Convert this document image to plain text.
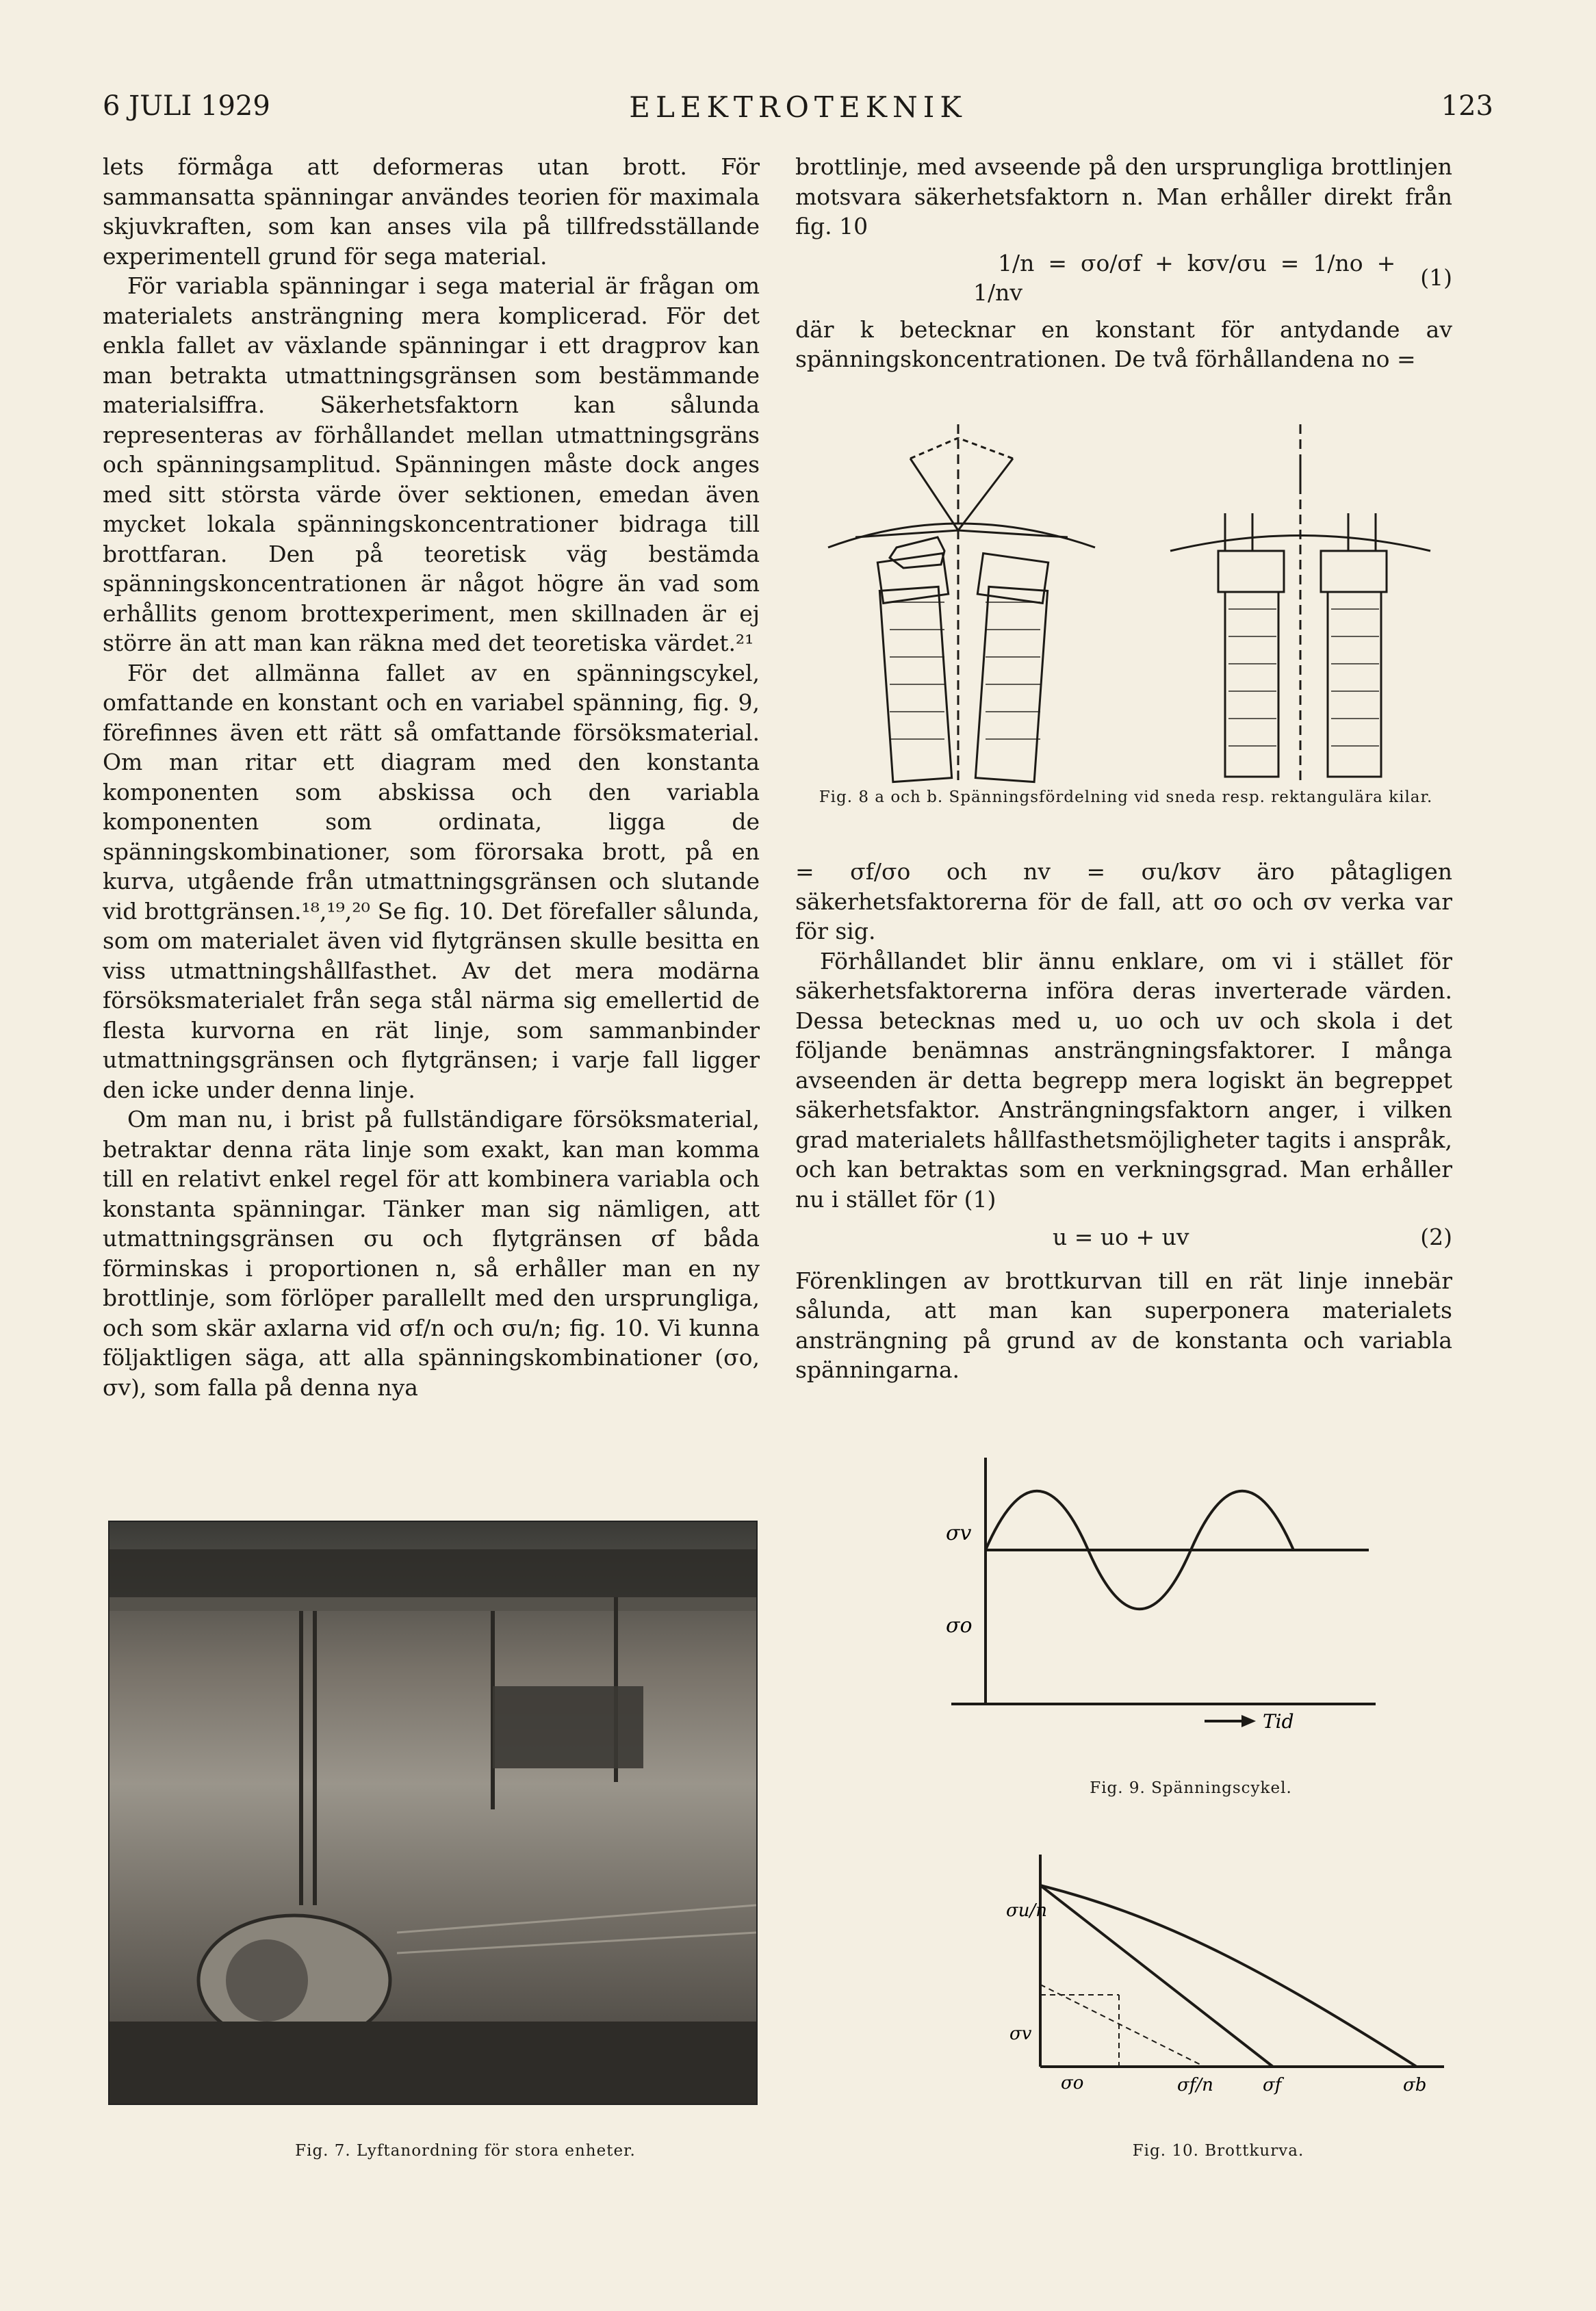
6 JULI 1929	ELEKTROTEKNIK	123

lets förmåga att deformeras utan brott. För sammansatta spänningar användes teorien för maximala skjuvkraften, som kan anses vila på tillfredsställande experimentell grund för sega material.

För variabla spänningar i sega material är frågan om materialets ansträngning mera komplicerad. För det enkla fallet av växlande spänningar i ett dragprov kan man betrakta utmattningsgränsen som bestämmande materialsiffra. Säkerhetsfaktorn kan sålunda representeras av förhållandet mellan utmattningsgräns och spänningsamplitud. Spänningen måste dock anges med sitt största värde över sektionen, emedan även mycket lokala spänningskoncentrationer bidraga till brottfaran. Den på teoretisk väg bestämda spänningskoncentrationen är något högre än vad som erhållits genom brottexperiment, men skillnaden är ej större än att man kan räkna med det teoretiska värdet.²¹

För det allmänna fallet av en spänningscykel, omfattande en konstant och en variabel spänning, fig. 9, förefinnes även ett rätt så omfattande försöksmaterial. Om man ritar ett diagram med den konstanta komponenten som abskissa och den variabla komponenten som ordinata, ligga de spänningskombinationer, som förorsaka brott, på en kurva, utgående från utmattningsgränsen och slutande vid brottgränsen.¹⁸,¹⁹,²⁰ Se fig. 10. Det förefaller sålunda, som om materialet även vid flytgränsen skulle besitta en viss utmattningshållfasthet. Av det mera modärna försöksmaterialet från sega stål närma sig emellertid de flesta kurvorna en rät linje, som sammanbinder utmattningsgränsen och flytgränsen; i varje fall ligger den icke under denna linje.

Om man nu, i brist på fullständigare försöksmaterial, betraktar denna räta linje som exakt, kan man komma till en relativt enkel regel för att kombinera variabla och konstanta spänningar. Tänker man sig nämligen, att utmattningsgränsen σu och flytgränsen σf båda förminskas i proportionen n, så erhåller man en ny brottlinje, som förlöper parallellt med den ursprungliga, och som skär axlarna vid σf/n och σu/n; fig. 10. Vi kunna följaktligen säga, att alla spänningskombinationer (σo, σv), som falla på denna nya

brottlinje, med avseende på den ursprungliga brottlinjen motsvara säkerhetsfaktorn n. Man erhåller direkt från fig. 10

1/n = σo/σf + kσv/σu = 1/no + 1/nv
(1)

där k betecknar en konstant för antydande av spänningskoncentrationen. De två förhållandena no =

Fig. 8 a och b. Spänningsfördelning vid sneda resp. rektangulära kilar.

= σf/σo och nv = σu/kσv äro påtagligen säkerhetsfaktorerna för de fall, att σo och σv verka var för sig.

Förhållandet blir ännu enklare, om vi i stället för säkerhetsfaktorerna införa deras inverterade värden. Dessa betecknas med u, uo och uv och skola i det följande benämnas ansträngningsfaktorer. I många avseenden är detta begrepp mera logiskt än begreppet säkerhetsfaktor. Ansträngningsfaktorn anger, i vilken grad materialets hållfasthetsmöjligheter tagits i anspråk, och kan betraktas som en verkningsgrad. Man erhåller nu i stället för (1)

u = uo + uv	(2)

Förenklingen av brottkurvan till en rät linje innebär sålunda, att man kan superponera materialets ansträngning på grund av de konstanta och variabla spänningarna.

σv
σo
Tid
Fig. 9. Spänningscykel.
σu/n
σv
σo	σf/n	σf	σb
Fig. 10. Brottkurva.
Fig. 7. Lyftanordning för stora enheter.
